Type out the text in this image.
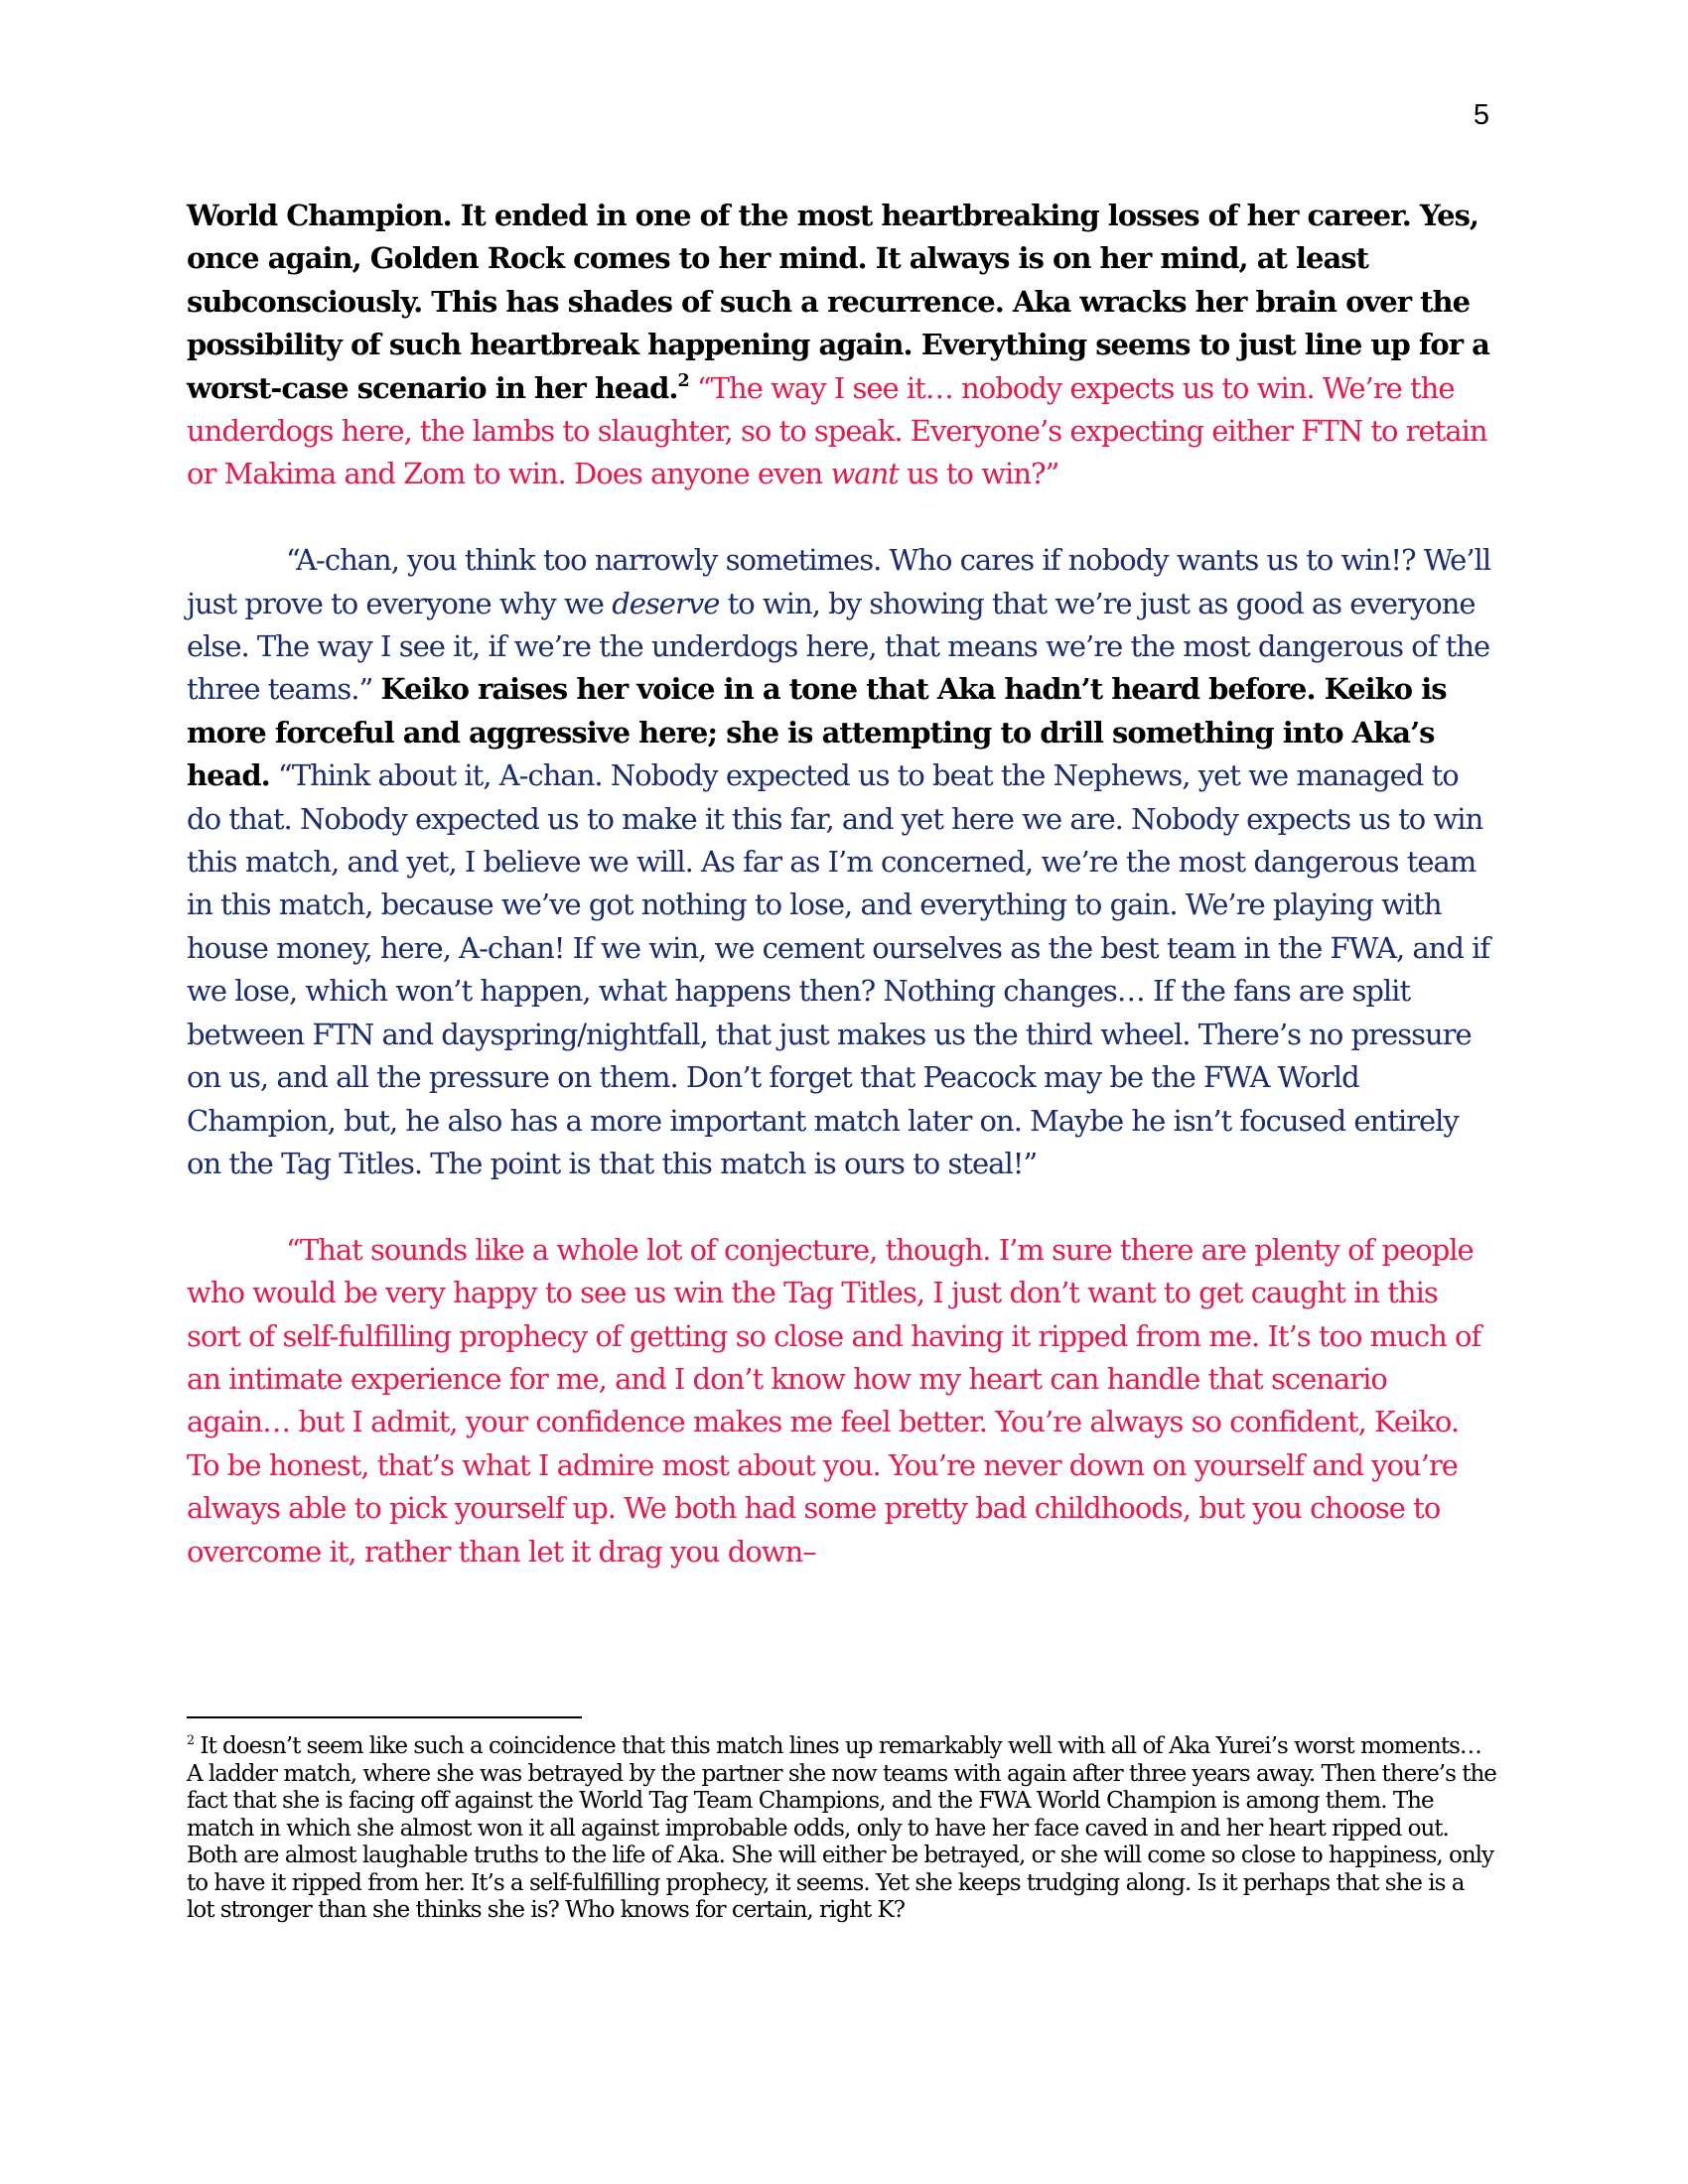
5

World Champion. It ended in one of the most heartbreaking losses of her career. Yes, once again, Golden Rock comes to her mind. It always is on her mind, at least subconsciously. This has shades of such a recurrence. Aka wracks her brain over the possibility of such heartbreak happening again. Everything seems to just line up for a worst-case scenario in her head.$^2$ “The way I see it… nobody expects us to win. We’re the underdogs here, the lambs to slaughter, so to speak. Everyone’s expecting either FTN to retain or Makima and Zom to win. Does anyone even want us to win?”

“A-chan, you think too narrowly sometimes. Who cares if nobody wants us to win!? We’ll just prove to everyone why we deserve to win, by showing that we’re just as good as everyone else. The way I see it, if we’re the underdogs here, that means we’re the most dangerous of the three teams.” Keiko raises her voice in a tone that Aka hadn’t heard before. Keiko is more forceful and aggressive here; she is attempting to drill something into Aka’s head. “Think about it, A-chan. Nobody expected us to beat the Nephews, yet we managed to do that. Nobody expected us to make it this far, and yet here we are. Nobody expects us to win this match, and yet, I believe we will. As far as I’m concerned, we’re the most dangerous team in this match, because we’ve got nothing to lose, and everything to gain. We’re playing with house money, here, A-chan! If we win, we cement ourselves as the best team in the FWA, and if we lose, which won’t happen, what happens then? Nothing changes… If the fans are split between FTN and dayspring/nightfall, that just makes us the third wheel. There’s no pressure on us, and all the pressure on them. Don’t forget that Peacock may be the FWA World Champion, but, he also has a more important match later on. Maybe he isn’t focused entirely on the Tag Titles. The point is that this match is ours to steal!”

“That sounds like a whole lot of conjecture, though. I’m sure there are plenty of people who would be very happy to see us win the Tag Titles, I just don’t want to get caught in this sort of self-fulfilling prophecy of getting so close and having it ripped from me. It’s too much of an intimate experience for me, and I don’t know how my heart can handle that scenario again… but I admit, your confidence makes me feel better. You’re always so confident, Keiko. To be honest, that’s what I admire most about you. You’re never down on yourself and you’re always able to pick yourself up. We both had some pretty bad childhoods, but you choose to overcome it, rather than let it drag you down–

$^2$ It doesn’t seem like such a coincidence that this match lines up remarkably well with all of Aka Yurei’s worst moments… A ladder match, where she was betrayed by the partner she now teams with again after three years away. Then there’s the fact that she is facing off against the World Tag Team Champions, and the FWA World Champion is among them. The match in which she almost won it all against improbable odds, only to have her face caved in and her heart ripped out. Both are almost laughable truths to the life of Aka. She will either be betrayed, or she will come so close to happiness, only to have it ripped from her. It’s a self-fulfilling prophecy, it seems. Yet she keeps trudging along. Is it perhaps that she is a lot stronger than she thinks she is? Who knows for certain, right K?
